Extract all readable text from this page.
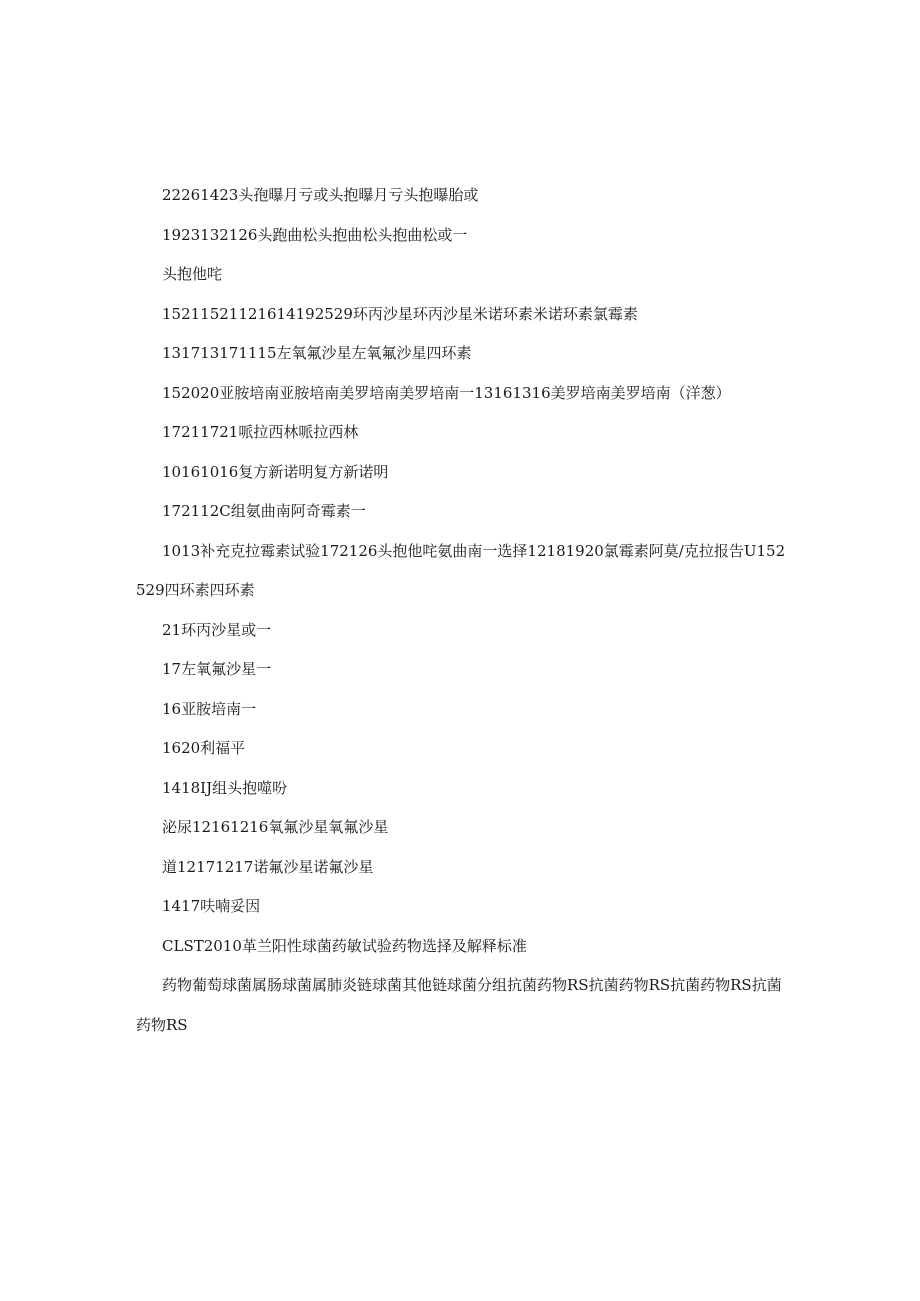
22261423头孢曝月亏或头抱曝月亏头抱曝胎或

1923132126头跑曲松头抱曲松头抱曲松或一

头抱他咤

15211521121614192529环丙沙星环丙沙星米诺环素米诺环素氯霉素

131713171115左氧氟沙星左氧氟沙星四环素

152020亚胺培南亚胺培南美罗培南美罗培南一13161316美罗培南美罗培南（洋葱）

17211721哌拉西林哌拉西林

10161016复方新诺明复方新诺明

172112C组氨曲南阿奇霉素一

1013补充克拉霉素试验172126头抱他咤氨曲南一选择12181920氯霉素阿莫/克拉报告U152529四环素四环素

21环丙沙星或一

17左氧氟沙星一

16亚胺培南一

1620利福平

1418IJ组头抱噬吩

泌尿12161216氧氟沙星氧氟沙星

道12171217诺氟沙星诺氟沙星

1417呋喃妥因

CLST2010革兰阳性球菌药敏试验药物选择及解释标准

药物葡萄球菌属肠球菌属肺炎链球菌其他链球菌分组抗菌药物RS抗菌药物RS抗菌药物RS抗菌药物RS
